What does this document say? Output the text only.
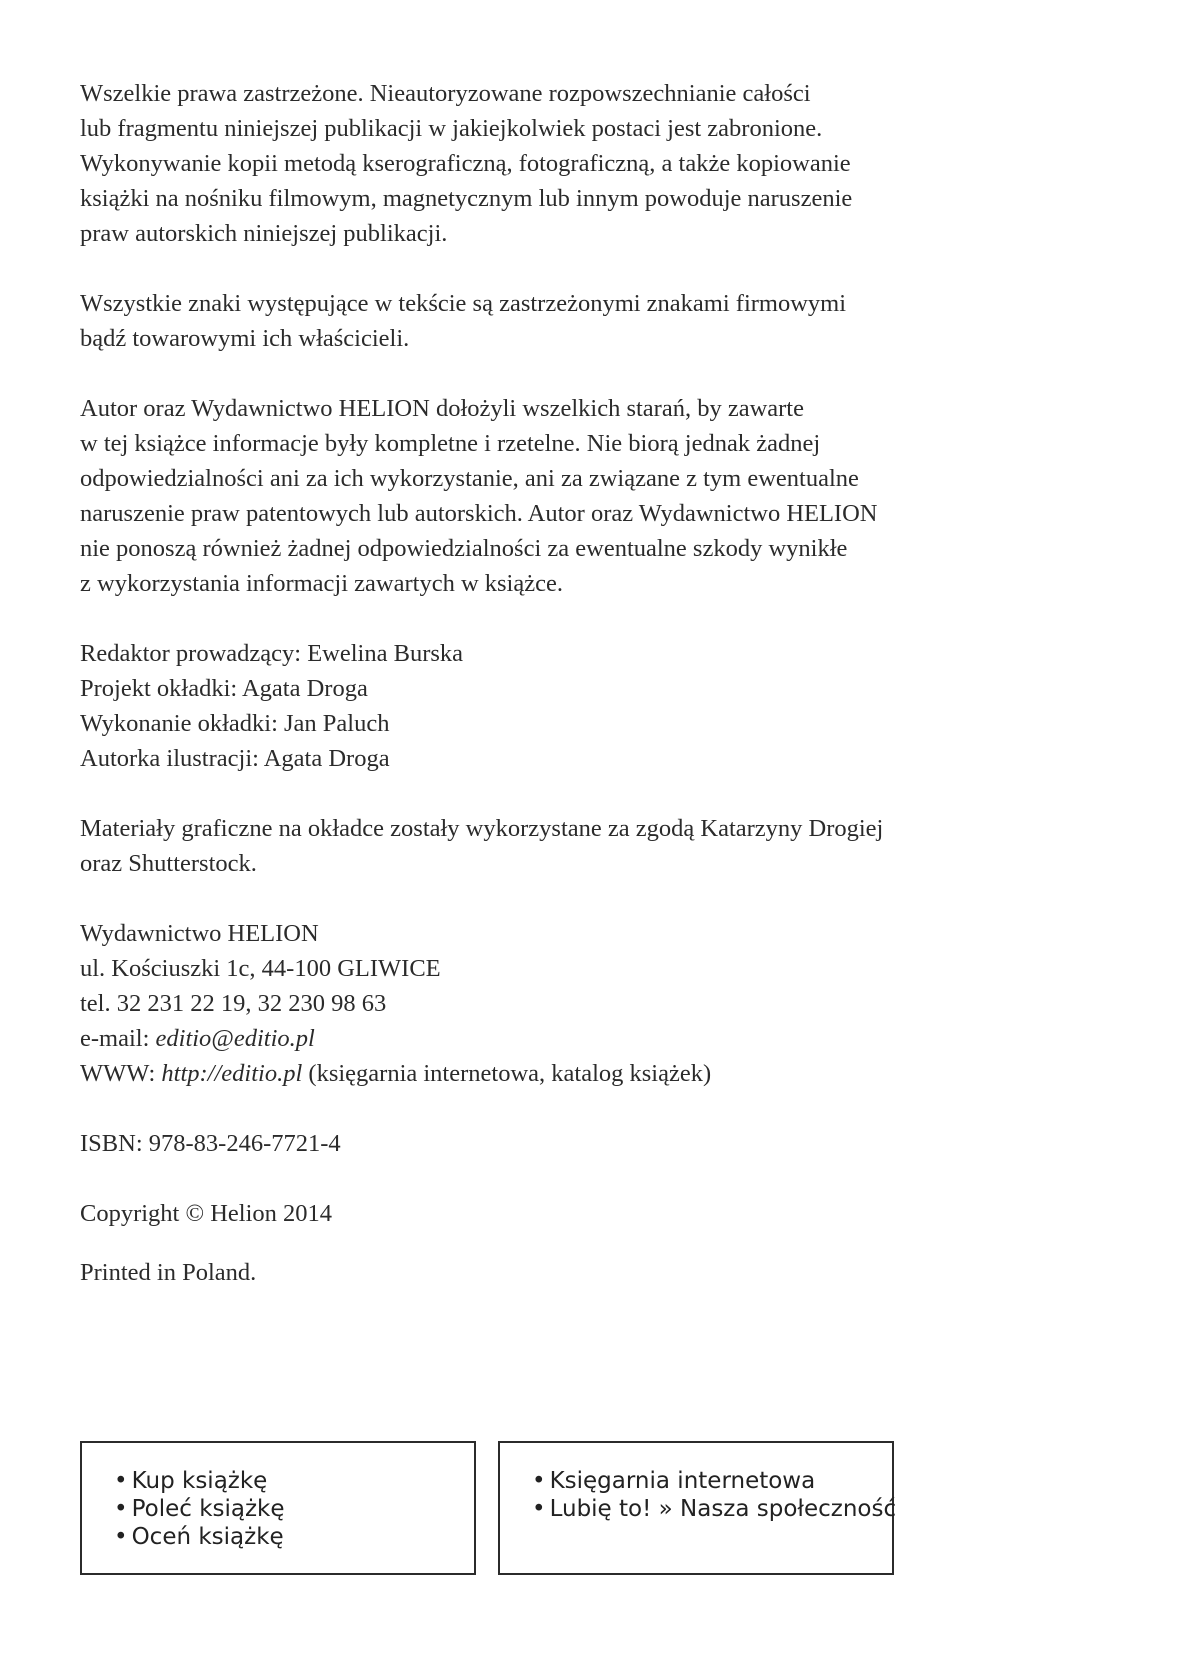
Wszelkie prawa zastrzeżone. Nieautoryzowane rozpowszechnianie całości
lub fragmentu niniejszej publikacji w jakiejkolwiek postaci jest zabronione.
Wykonywanie kopii metodą kserograficzną, fotograficzną, a także kopiowanie
książki na nośniku filmowym, magnetycznym lub innym powoduje naruszenie
praw autorskich niniejszej publikacji.

Wszystkie znaki występujące w tekście są zastrzeżonymi znakami firmowymi
bądź towarowymi ich właścicieli.

Autor oraz Wydawnictwo HELION dołożyli wszelkich starań, by zawarte
w tej książce informacje były kompletne i rzetelne. Nie biorą jednak żadnej
odpowiedzialności ani za ich wykorzystanie, ani za związane z tym ewentualne
naruszenie praw patentowych lub autorskich. Autor oraz Wydawnictwo HELION
nie ponoszą również żadnej odpowiedzialności za ewentualne szkody wynikłe
z wykorzystania informacji zawartych w książce.

Redaktor prowadzący: Ewelina Burska
Projekt okładki: Agata Droga
Wykonanie okładki: Jan Paluch
Autorka ilustracji: Agata Droga

Materiały graficzne na okładce zostały wykorzystane za zgodą Katarzyny Drogiej
oraz Shutterstock.

Wydawnictwo HELION
ul. Kościuszki 1c, 44-100 GLIWICE
tel. 32 231 22 19, 32 230 98 63
e-mail: editio@editio.pl
WWW: http://editio.pl (księgarnia internetowa, katalog książek)

ISBN: 978-83-246-7721-4

Copyright © Helion 2014

Printed in Poland.

• Kup książkę
• Poleć książkę
• Oceń książkę
• Księgarnia internetowa
• Lubię to! » Nasza społeczność
